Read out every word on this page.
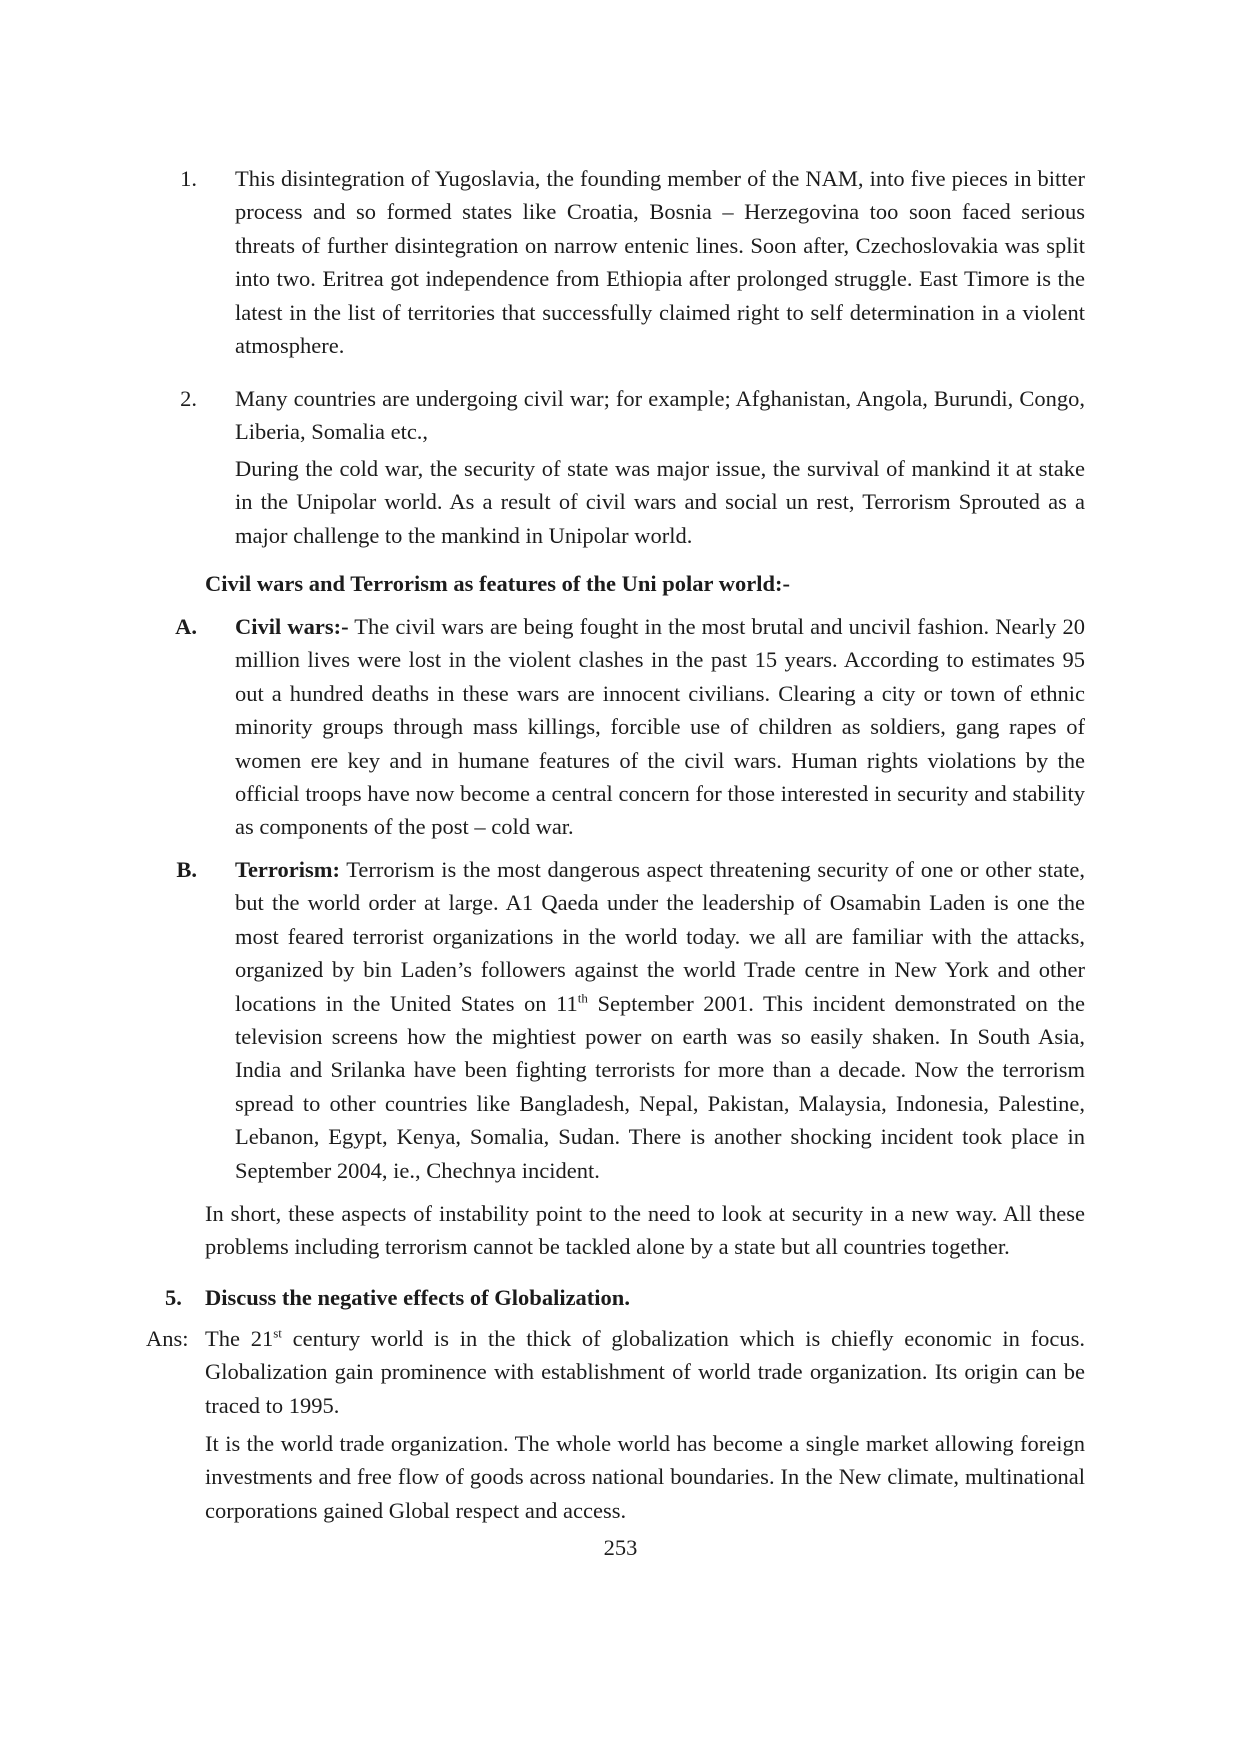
1. This disintegration of Yugoslavia, the founding member of the NAM, into five pieces in bitter process and so formed states like Croatia, Bosnia – Herzegovina too soon faced serious threats of further disintegration on narrow entenic lines. Soon after, Czechoslovakia was split into two. Eritrea got independence from Ethiopia after prolonged struggle. East Timore is the latest in the list of territories that successfully claimed right to self determination in a violent atmosphere.
2. Many countries are undergoing civil war; for example; Afghanistan, Angola, Burundi, Congo, Liberia, Somalia etc.,

During the cold war, the security of state was major issue, the survival of mankind it at stake in the Unipolar world. As a result of civil wars and social un rest, Terrorism Sprouted as a major challenge to the mankind in Unipolar world.

Civil wars and Terrorism as features of the Uni polar world:-

A. Civil wars:- The civil wars are being fought in the most brutal and uncivil fashion. Nearly 20 million lives were lost in the violent clashes in the past 15 years. According to estimates 95 out a hundred deaths in these wars are innocent civilians. Clearing a city or town of ethnic minority groups through mass killings, forcible use of children as soldiers, gang rapes of women ere key and in humane features of the civil wars. Human rights violations by the official troops have now become a central concern for those interested in security and stability as components of the post – cold war.
B. Terrorism: Terrorism is the most dangerous aspect threatening security of one or other state, but the world order at large. A1 Qaeda under the leadership of Osamabin Laden is one the most feared terrorist organizations in the world today. we all are familiar with the attacks, organized by bin Laden’s followers against the world Trade centre in New York and other locations in the United States on 11th September 2001. This incident demonstrated on the television screens how the mightiest power on earth was so easily shaken. In South Asia, India and Srilanka have been fighting terrorists for more than a decade. Now the terrorism spread to other countries like Bangladesh, Nepal, Pakistan, Malaysia, Indonesia, Palestine, Lebanon, Egypt, Kenya, Somalia, Sudan. There is another shocking incident took place in September 2004, ie., Chechnya incident.

In short, these aspects of instability point to the need to look at security in a new way. All these problems including terrorism cannot be tackled alone by a state but all countries together.

5. Discuss the negative effects of Globalization.

Ans: The 21st century world is in the thick of globalization which is chiefly economic in focus. Globalization gain prominence with establishment of world trade organization. Its origin can be traced to 1995.

It is the world trade organization. The whole world has become a single market allowing foreign investments and free flow of goods across national boundaries. In the New climate, multinational corporations gained Global respect and access.

253
